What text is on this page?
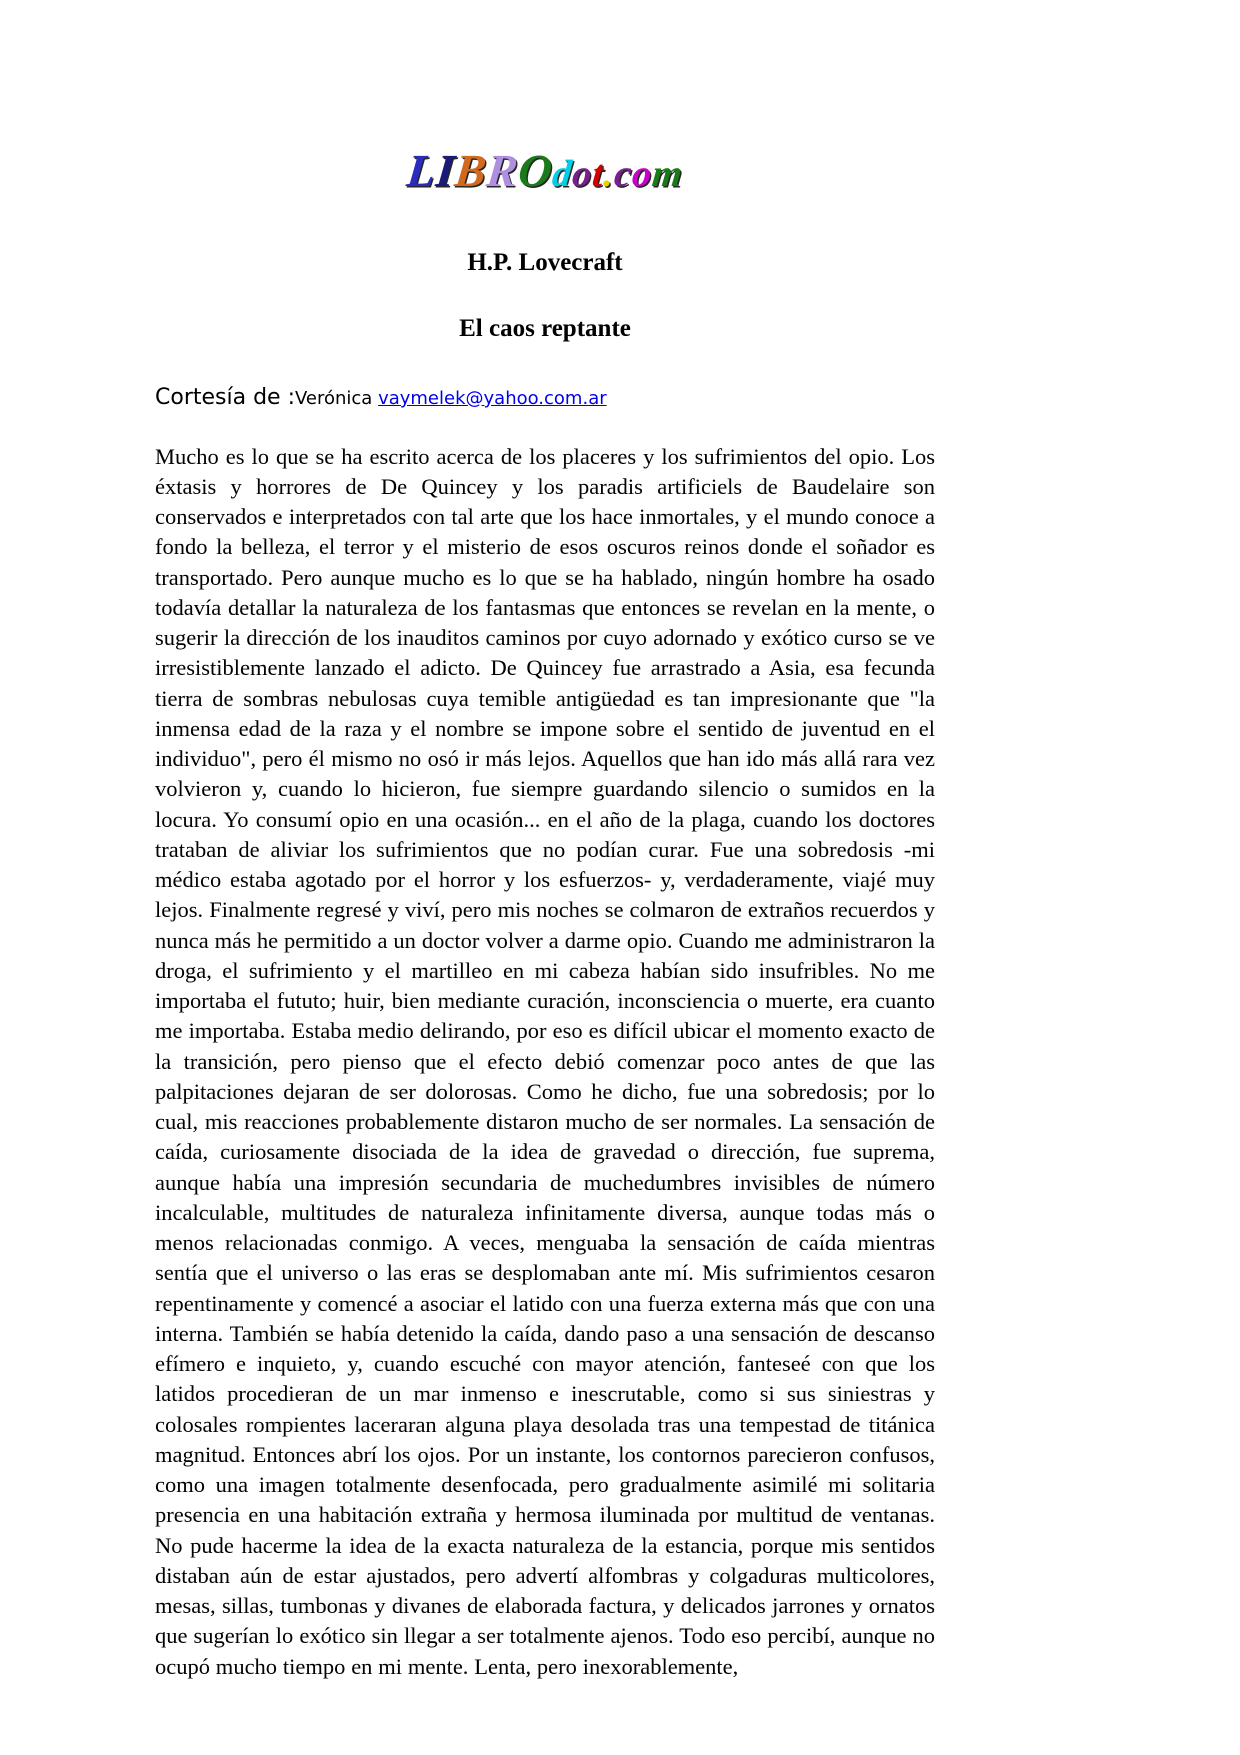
LIBROdot.com
H.P. Lovecraft
El caos reptante
Cortesía de :Verónica vaymelek@yahoo.com.ar

Mucho es lo que se ha escrito acerca de los placeres y los sufrimientos del opio. Los éxtasis y horrores de De Quincey y los paradis artificiels de Baudelaire son conservados e interpretados con tal arte que los hace inmortales, y el mundo conoce a fondo la belleza, el terror y el misterio de esos oscuros reinos donde el soñador es transportado. Pero aunque mucho es lo que se ha hablado, ningún hombre ha osado todavía detallar la naturaleza de los fantasmas que entonces se revelan en la mente, o sugerir la dirección de los inauditos caminos por cuyo adornado y exótico curso se ve irresistiblemente lanzado el adicto. De Quincey fue arrastrado a Asia, esa fecunda tierra de sombras nebulosas cuya temible antigüedad es tan impresionante que "la inmensa edad de la raza y el nombre se impone sobre el sentido de juventud en el individuo", pero él mismo no osó ir más lejos. Aquellos que han ido más allá rara vez volvieron y, cuando lo hicieron, fue siempre guardando silencio o sumidos en la locura. Yo consumí opio en una ocasión... en el año de la plaga, cuando los doctores trataban de aliviar los sufrimientos que no podían curar. Fue una sobredosis -mi médico estaba agotado por el horror y los esfuerzos- y, verdaderamente, viajé muy lejos. Finalmente regresé y viví, pero mis noches se colmaron de extraños recuerdos y nunca más he permitido a un doctor volver a darme opio. Cuando me administraron la droga, el sufrimiento y el martilleo en mi cabeza habían sido insufribles. No me importaba el fututo; huir, bien mediante curación, inconsciencia o muerte, era cuanto me importaba. Estaba medio delirando, por eso es difícil ubicar el momento exacto de la transición, pero pienso que el efecto debió comenzar poco antes de que las palpitaciones dejaran de ser dolorosas. Como he dicho, fue una sobredosis; por lo cual, mis reacciones probablemente distaron mucho de ser normales. La sensación de caída, curiosamente disociada de la idea de gravedad o dirección, fue suprema, aunque había una impresión secundaria de muchedumbres invisibles de número incalculable, multitudes de naturaleza infinitamente diversa, aunque todas más o menos relacionadas conmigo. A veces, menguaba la sensación de caída mientras sentía que el universo o las eras se desplomaban ante mí. Mis sufrimientos cesaron repentinamente y comencé a asociar el latido con una fuerza externa más que con una interna. También se había detenido la caída, dando paso a una sensación de descanso efímero e inquieto, y, cuando escuché con mayor atención, fanteseé con que los latidos procedieran de un mar inmenso e inescrutable, como si sus siniestras y colosales rompientes laceraran alguna playa desolada tras una tempestad de titánica magnitud. Entonces abrí los ojos. Por un instante, los contornos parecieron confusos, como una imagen totalmente desenfocada, pero gradualmente asimilé mi solitaria presencia en una habitación extraña y hermosa iluminada por multitud de ventanas. No pude hacerme la idea de la exacta naturaleza de la estancia, porque mis sentidos distaban aún de estar ajustados, pero advertí alfombras y colgaduras multicolores, mesas, sillas, tumbonas y divanes de elaborada factura, y delicados jarrones y ornatos que sugerían lo exótico sin llegar a ser totalmente ajenos. Todo eso percibí, aunque no ocupó mucho tiempo en mi mente. Lenta, pero inexorablemente,
